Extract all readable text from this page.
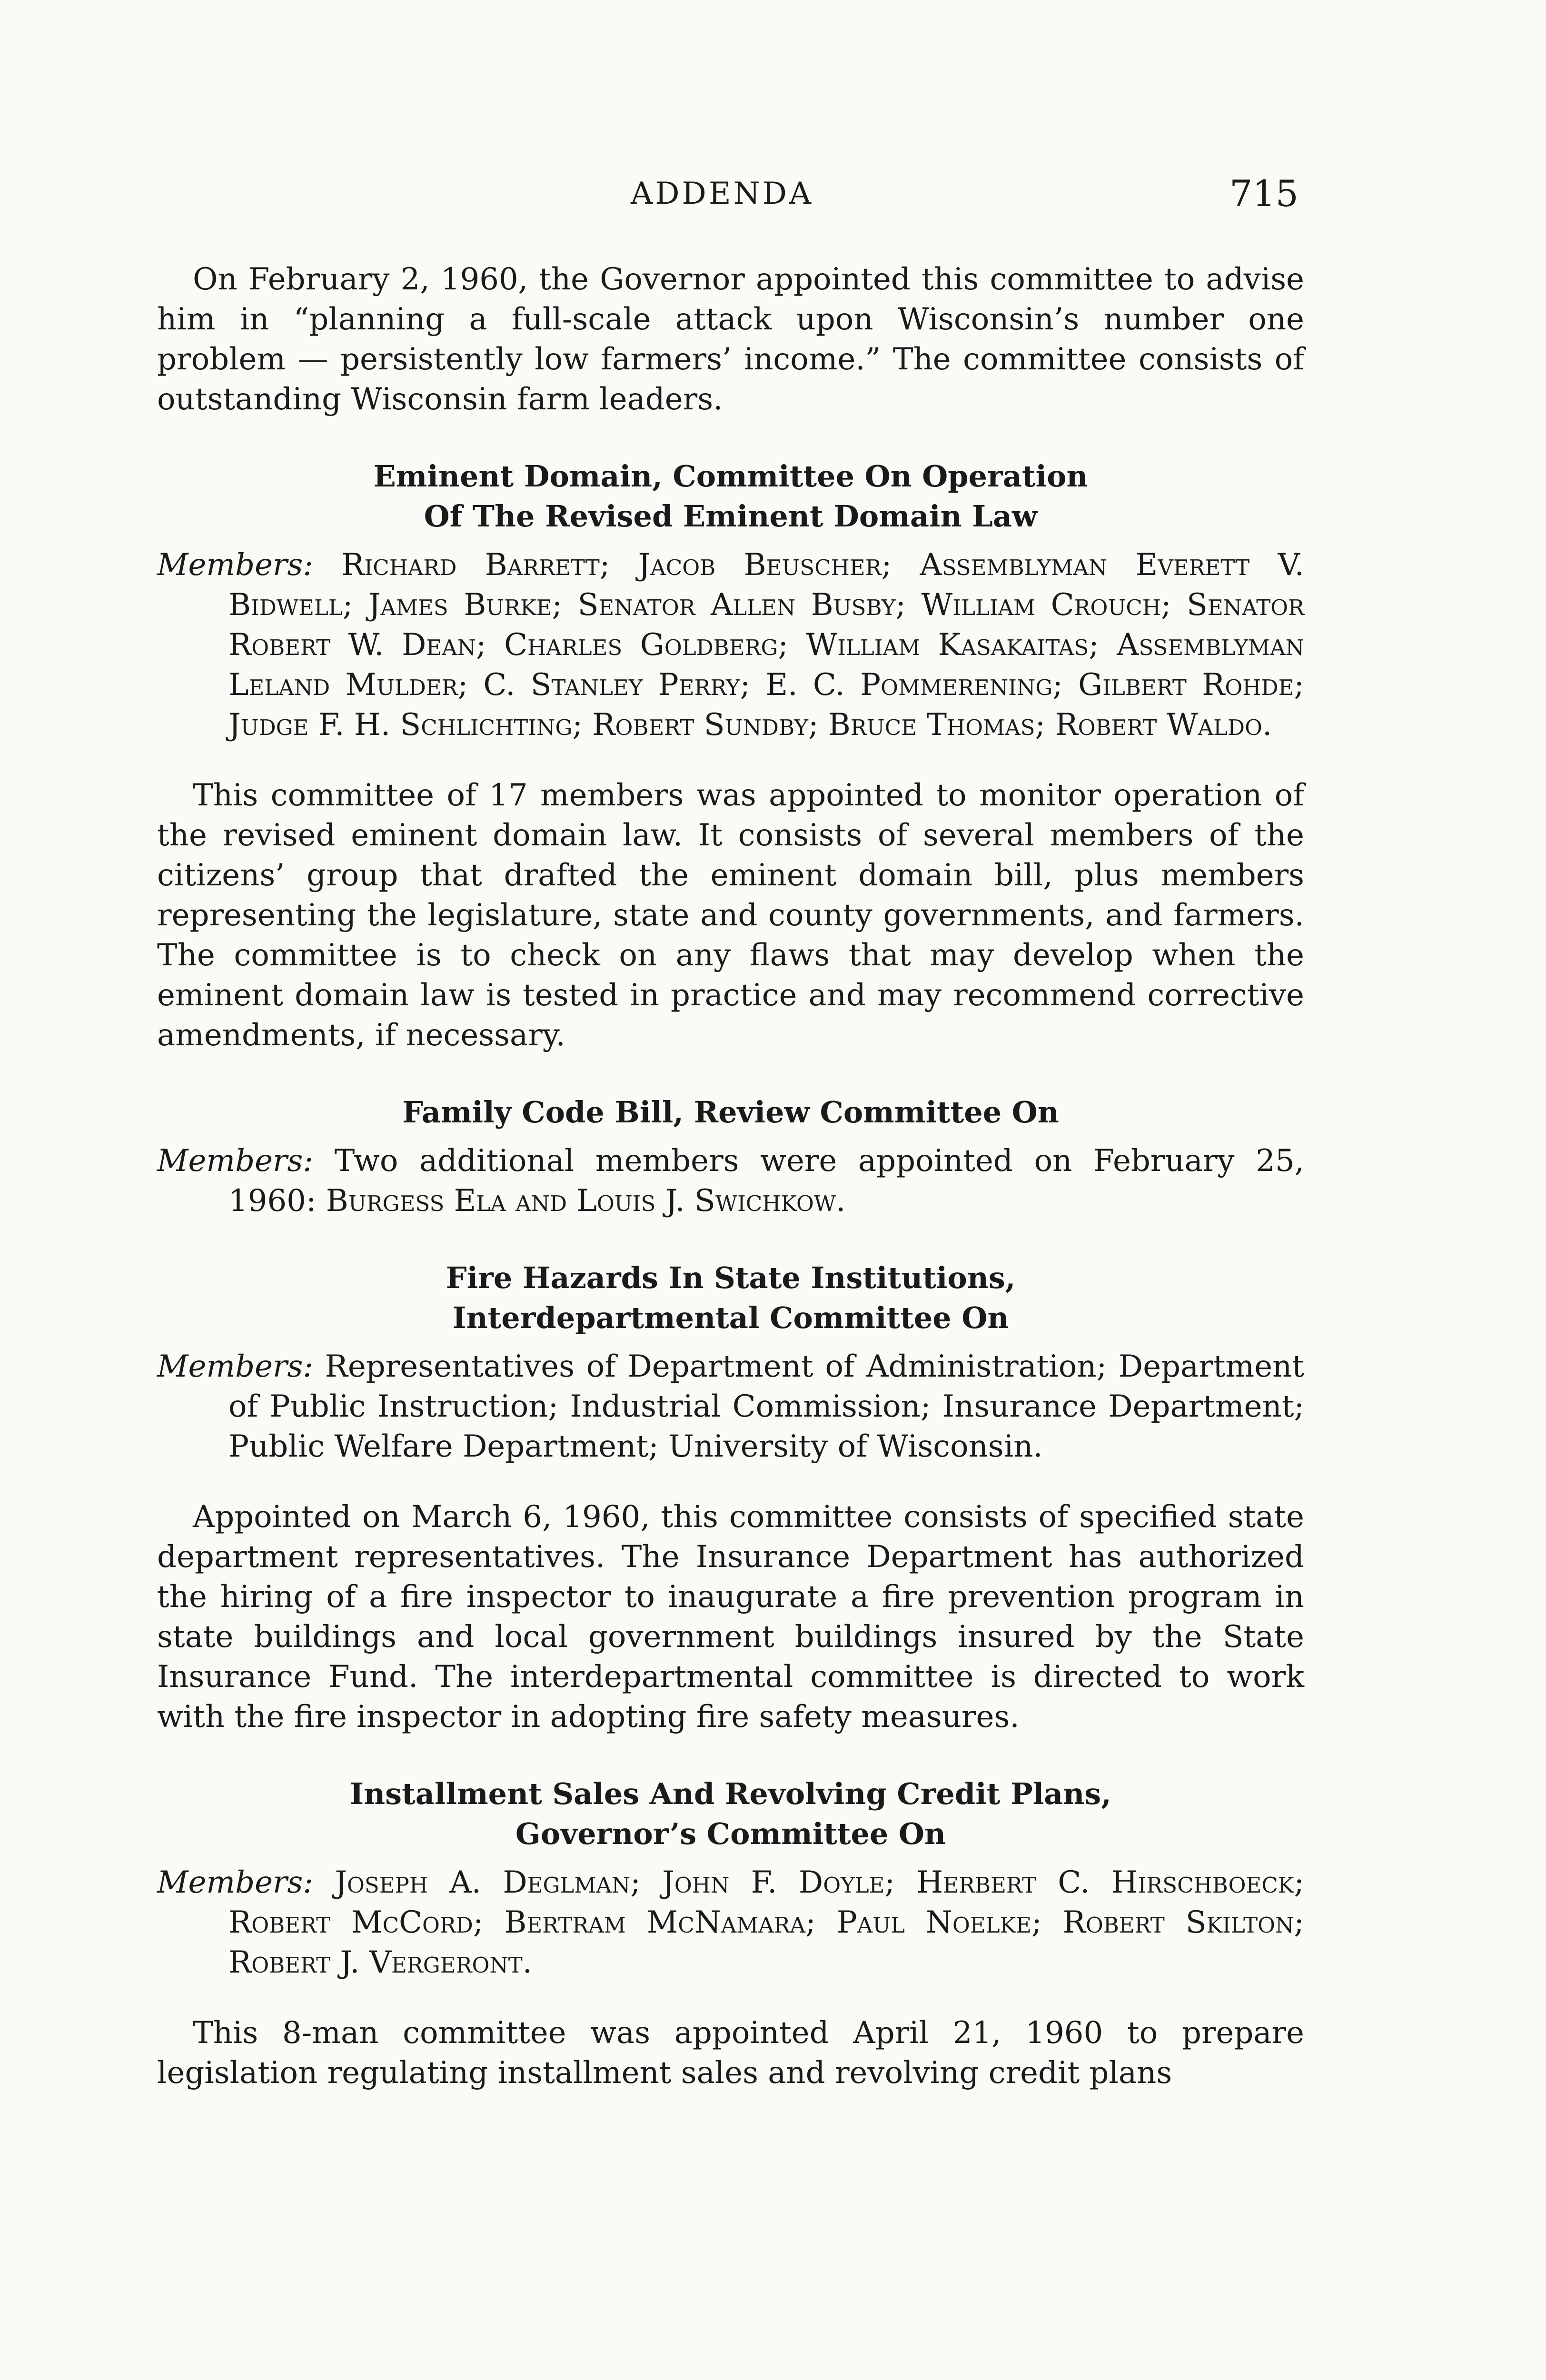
ADDENDA	715

On February 2, 1960, the Governor appointed this committee to advise him in “planning a full-scale attack upon Wisconsin’s number one problem — persistently low farmers’ income.” The committee consists of outstanding Wisconsin farm leaders.

Eminent Domain, Committee On Operation
Of The Revised Eminent Domain Law

Members: Richard Barrett; Jacob Beuscher; Assemblyman Everett V. Bidwell; James Burke; Senator Allen Busby; William Crouch; Senator Robert W. Dean; Charles Goldberg; William Kasakaitas; Assemblyman Leland Mulder; C. Stanley Perry; E. C. Pommerening; Gilbert Rohde; Judge F. H. Schlichting; Robert Sundby; Bruce Thomas; Robert Waldo.

This committee of 17 members was appointed to monitor operation of the revised eminent domain law. It consists of several members of the citizens’ group that drafted the eminent domain bill, plus members representing the legislature, state and county governments, and farmers. The committee is to check on any flaws that may develop when the eminent domain law is tested in practice and may recommend corrective amendments, if necessary.

Family Code Bill, Review Committee On

Members: Two additional members were appointed on February 25, 1960: Burgess Ela and Louis J. Swichkow.

Fire Hazards In State Institutions,
Interdepartmental Committee On

Members: Representatives of Department of Administration; Department of Public Instruction; Industrial Commission; Insurance Department; Public Welfare Department; University of Wisconsin.

Appointed on March 6, 1960, this committee consists of specified state department representatives. The Insurance Department has authorized the hiring of a fire inspector to inaugurate a fire prevention program in state buildings and local government buildings insured by the State Insurance Fund. The interdepartmental committee is directed to work with the fire inspector in adopting fire safety measures.

Installment Sales And Revolving Credit Plans,
Governor’s Committee On

Members: Joseph A. Deglman; John F. Doyle; Herbert C. Hirschboeck; Robert McCord; Bertram McNamara; Paul Noelke; Robert Skilton; Robert J. Vergeront.

This 8-man committee was appointed April 21, 1960 to prepare legislation regulating installment sales and revolving credit plans
